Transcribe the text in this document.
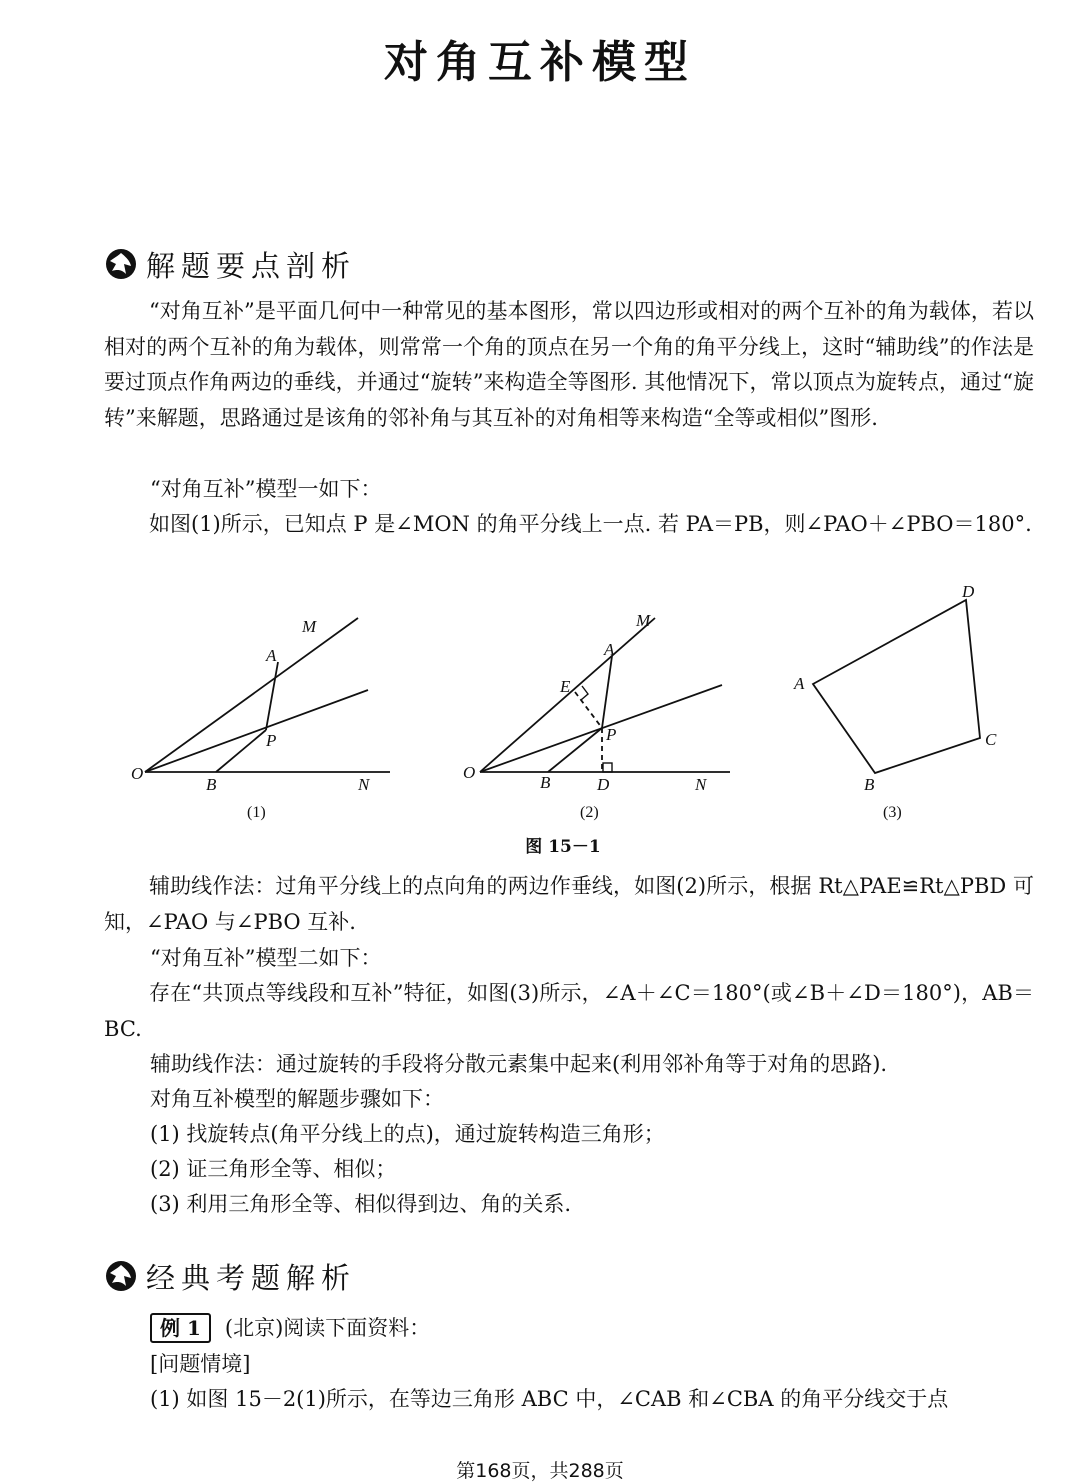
对角互补模型
解题要点剖析
“对角互补”是平面几何中一种常见的基本图形，常以四边形或相对的两个互补的角为载体，若以相对的两个互补的角为载体，则常常一个角的顶点在另一个角的角平分线上，这时“辅助线”的作法是要过顶点作角两边的垂线，并通过“旋转”来构造全等图形. 其他情况下，常以顶点为旋转点，通过“旋转”来解题，思路通过是该角的邻补角与其互补的对角相等来构造“全等或相似”图形.
“对角互补”模型一如下：
如图(1)所示，已知点 P 是∠MON 的角平分线上一点. 若 PA＝PB，则∠PAO＋∠PBO＝180°.
M
A
P
O
B	N
M
A
E
P
O
B	D	N
D
A
C
B
(1)	(2)	(3)
图 15－1
辅助线作法：过角平分线上的点向角的两边作垂线，如图(2)所示，根据 Rt△PAE≌Rt△PBD 可知，∠PAO 与∠PBO 互补.
“对角互补”模型二如下：
存在“共顶点等线段和互补”特征，如图(3)所示，∠A＋∠C＝180°(或∠B＋∠D＝180°)，AB＝BC.
辅助线作法：通过旋转的手段将分散元素集中起来(利用邻补角等于对角的思路).
对角互补模型的解题步骤如下：
(1) 找旋转点(角平分线上的点)，通过旋转构造三角形；
(2) 证三角形全等、相似；
(3) 利用三角形全等、相似得到边、角的关系.
经典考题解析
例 1 (北京)阅读下面资料：
[问题情境]
(1) 如图 15－2(1)所示，在等边三角形 ABC 中，∠CAB 和∠CBA 的角平分线交于点
第168页，共288页
